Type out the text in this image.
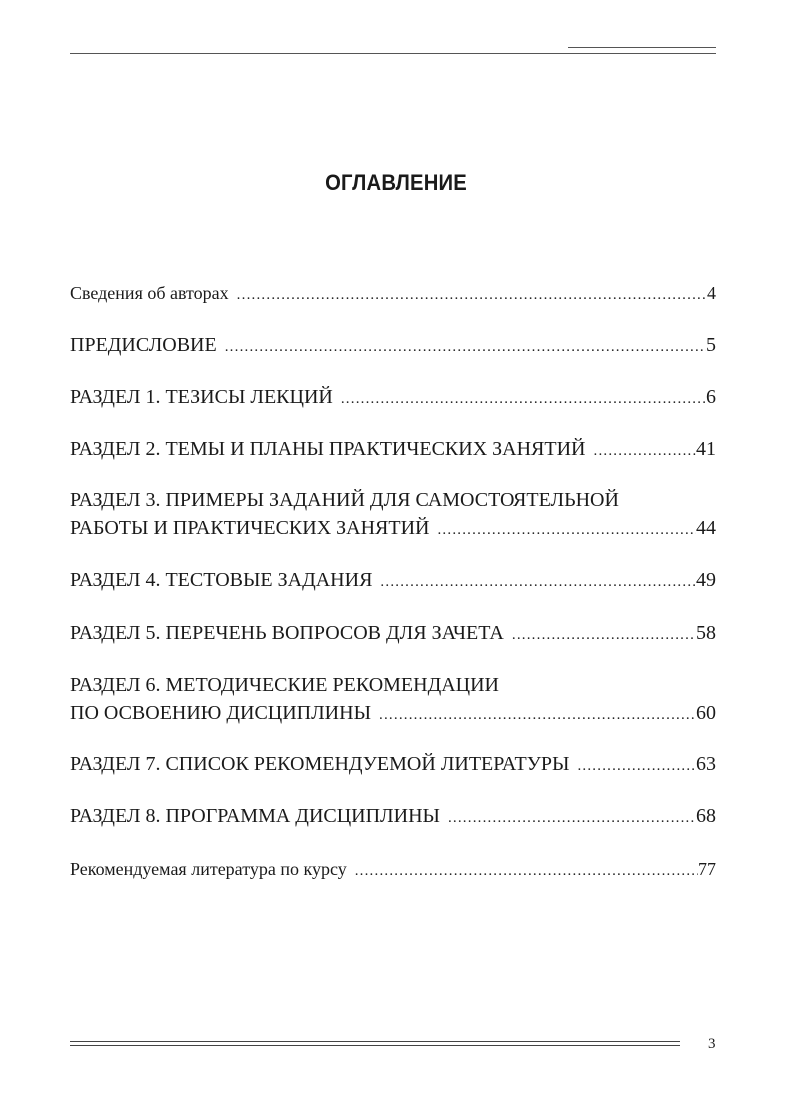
ОГЛАВЛЕНИЕ
Сведения об авторах .....	4
ПРЕДИСЛОВИЕ .....	5
РАЗДЕЛ 1. ТЕЗИСЫ ЛЕКЦИЙ .....	6
РАЗДЕЛ 2. ТЕМЫ И ПЛАНЫ ПРАКТИЧЕСКИХ ЗАНЯТИЙ .....	41
РАЗДЕЛ 3. ПРИМЕРЫ ЗАДАНИЙ ДЛЯ САМОСТОЯТЕЛЬНОЙ
РАБОТЫ И ПРАКТИЧЕСКИХ ЗАНЯТИЙ .....	44
РАЗДЕЛ 4. ТЕСТОВЫЕ ЗАДАНИЯ .....	49
РАЗДЕЛ 5. ПЕРЕЧЕНЬ ВОПРОСОВ ДЛЯ ЗАЧЕТА .....	58
РАЗДЕЛ 6. МЕТОДИЧЕСКИЕ РЕКОМЕНДАЦИИ
ПО ОСВОЕНИЮ ДИСЦИПЛИНЫ .....	60
РАЗДЕЛ 7. СПИСОК РЕКОМЕНДУЕМОЙ ЛИТЕРАТУРЫ .....	63
РАЗДЕЛ 8. ПРОГРАММА ДИСЦИПЛИНЫ .....	68
Рекомендуемая литература по курсу .....	77
3
